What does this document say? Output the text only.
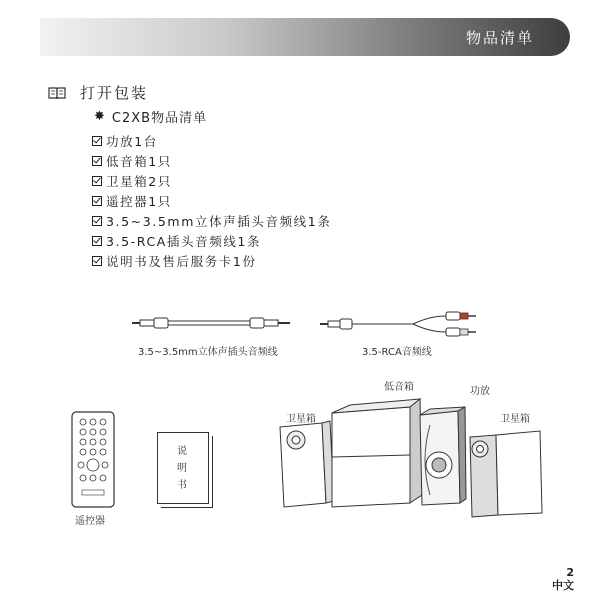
物品清单
打开包装
✸ C2XB物品清单
功放1台
低音箱1只
卫星箱2只
遥控器1只
3.5~3.5mm立体声插头音频线1条
3.5-RCA插头音频线1条
说明书及售后服务卡1份
3.5~3.5mm立体声插头音频线	3.5-RCA音频线
遥控器
说明书
低音箱	功放
卫星箱	卫星箱
2
中文
